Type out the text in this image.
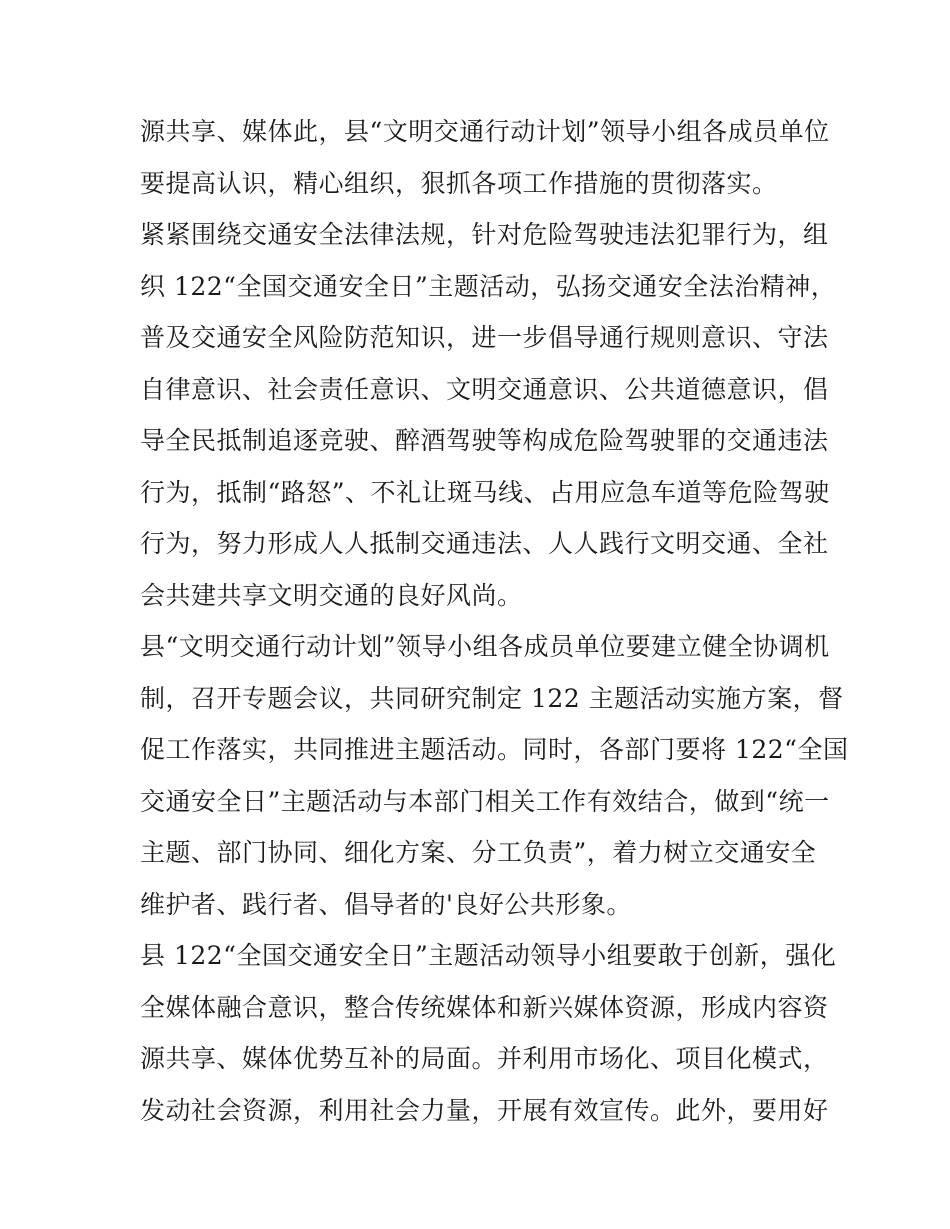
源共享、媒体此，县“文明交通行动计划”领导小组各成员单位
要提高认识，精心组织，狠抓各项工作措施的贯彻落实。
紧紧围绕交通安全法律法规，针对危险驾驶违法犯罪行为，组
织 122“全国交通安全日”主题活动，弘扬交通安全法治精神，
普及交通安全风险防范知识，进一步倡导通行规则意识、守法
自律意识、社会责任意识、文明交通意识、公共道德意识，倡
导全民抵制追逐竞驶、醉酒驾驶等构成危险驾驶罪的交通违法
行为，抵制“路怒”、不礼让斑马线、占用应急车道等危险驾驶
行为，努力形成人人抵制交通违法、人人践行文明交通、全社
会共建共享文明交通的良好风尚。
县“文明交通行动计划”领导小组各成员单位要建立健全协调机
制，召开专题会议，共同研究制定 122 主题活动实施方案，督
促工作落实，共同推进主题活动。同时，各部门要将 122“全国
交通安全日”主题活动与本部门相关工作有效结合，做到“统一
主题、部门协同、细化方案、分工负责”，着力树立交通安全
维护者、践行者、倡导者的'良好公共形象。
县 122“全国交通安全日”主题活动领导小组要敢于创新，强化
全媒体融合意识，整合传统媒体和新兴媒体资源，形成内容资
源共享、媒体优势互补的局面。并利用市场化、项目化模式，
发动社会资源，利用社会力量，开展有效宣传。此外，要用好
